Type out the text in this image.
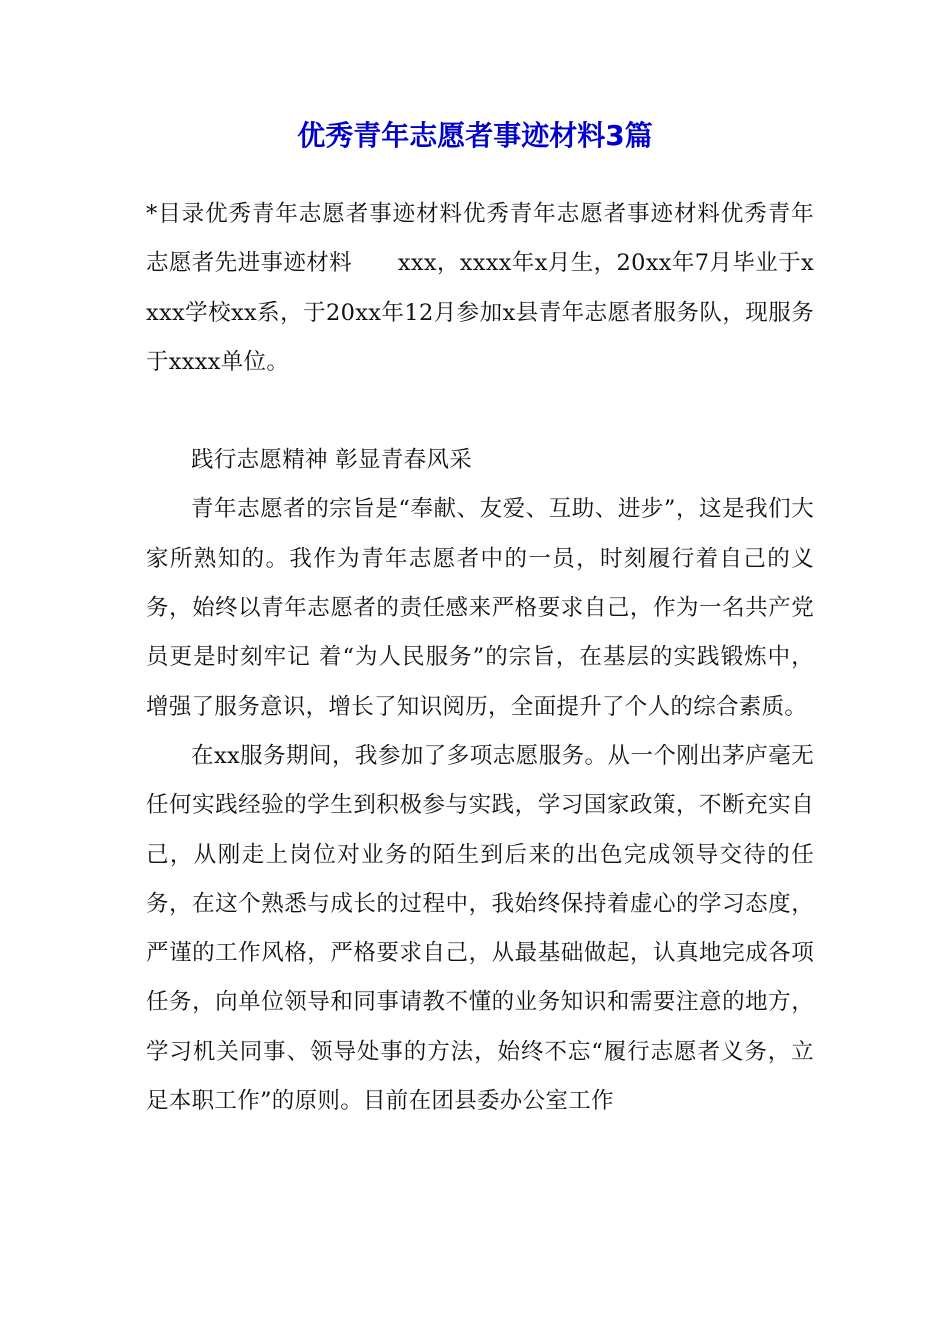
优秀青年志愿者事迹材料3篇

*目录优秀青年志愿者事迹材料优秀青年志愿者事迹材料优秀青年志愿者先进事迹材料　　xxx，xxxx年x月生，20xx年7月毕业于xxxx学校xx系，于20xx年12月参加x县青年志愿者服务队，现服务于xxxx单位。

践行志愿精神 彰显青春风采

青年志愿者的宗旨是“奉献、友爱、互助、进步”，这是我们大家所熟知的。我作为青年志愿者中的一员，时刻履行着自己的义务，始终以青年志愿者的责任感来严格要求自己，作为一名共产党员更是时刻牢记 着“为人民服务”的宗旨，在基层的实践锻炼中，增强了服务意识，增长了知识阅历，全面提升了个人的综合素质。

在xx服务期间，我参加了多项志愿服务。从一个刚出茅庐毫无任何实践经验的学生到积极参与实践，学习国家政策，不断充实自己，从刚走上岗位对业务的陌生到后来的出色完成领导交待的任务，在这个熟悉与成长的过程中，我始终保持着虚心的学习态度，严谨的工作风格，严格要求自己，从最基础做起，认真地完成各项任务，向单位领导和同事请教不懂的业务知识和需要注意的地方，学习机关同事、领导处事的方法，始终不忘“履行志愿者义务，立足本职工作”的原则。目前在团县委办公室工作
